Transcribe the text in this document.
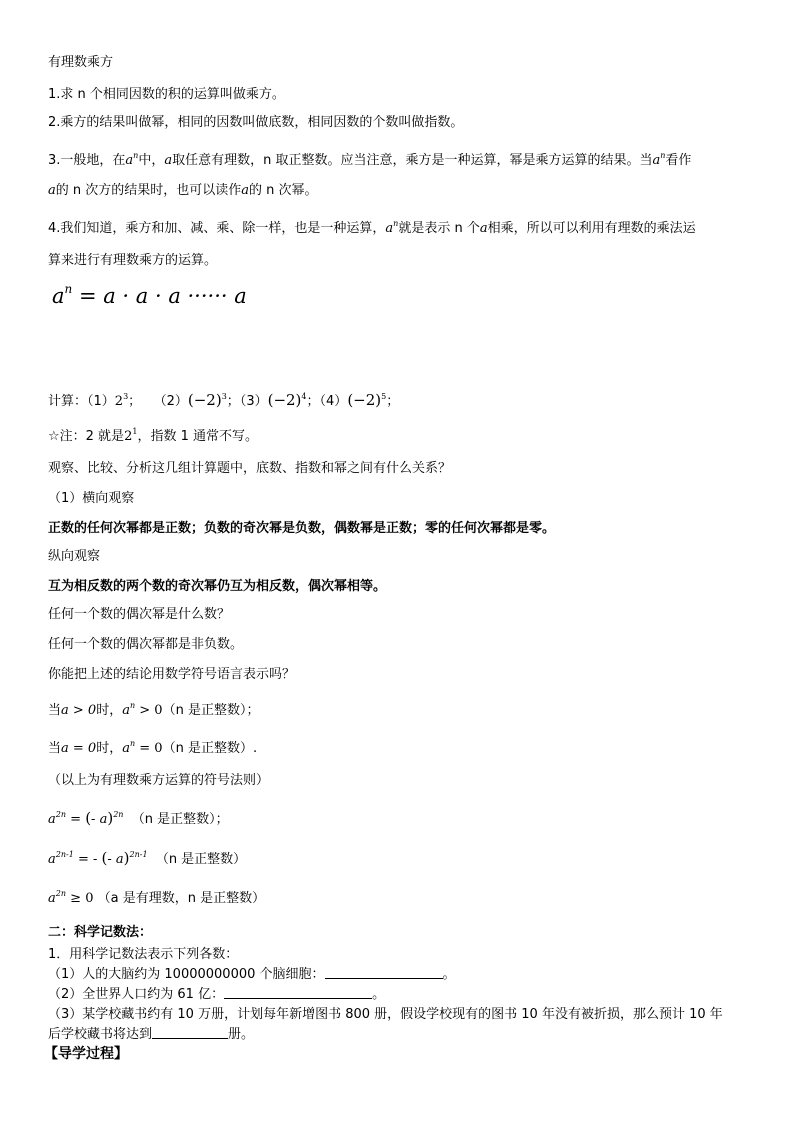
有理数乘方
1.求 n 个相同因数的积的运算叫做乘方。
2.乘方的结果叫做幂，相同的因数叫做底数，相同因数的个数叫做指数。
3.一般地，在$a^n$中，a取任意有理数，n 取正整数。应当注意，乘方是一种运算，幂是乘方运算的结果。当$a^n$看作
a的 n 次方的结果时，也可以读作a的 n 次幂。
4.我们知道，乘方和加、减、乘、除一样，也是一种运算，$a^n$就是表示 n 个a相乘，所以可以利用有理数的乘法运
算来进行有理数乘方的运算。
$a^n = a \cdot a \cdot a$ ······ a
计算：$(1)2^3$； $(2)(-2)^3$；$(3)(-2)^4$；$(4)(-2)^5$；
☆注：2 就是$2^1$，指数 1 通常不写。
观察、比较、分析这几组计算题中，底数、指数和幂之间有什么关系？
（1）横向观察
正数的任何次幂都是正数；负数的奇次幂是负数，偶数幂是正数；零的任何次幂都是零。
纵向观察
互为相反数的两个数的奇次幂仍互为相反数，偶次幂相等。
任何一个数的偶次幂是什么数？
任何一个数的偶次幂都是非负数。
你能把上述的结论用数学符号语言表示吗？
当a > 0时，$a^n > 0(n$ 是正整数）；
当a = 0时，$a^n = 0(n$ 是正整数）.
（以上为有理数乘方运算的符号法则）
$a^{2n}$ = (- a)$^{2n}$ （n 是正整数）；
$a^{2n-1}$ = - (- a)$^{2n-1}$ （n 是正整数）
$a^{2n} \ge 0$ （a 是有理数，n 是正整数）
二：科学记数法：
1．用科学记数法表示下列各数：
（1）人的大脑约为 10000000000 个脑细胞：	。
（2）全世界人口约为 61 亿：	。
（3）某学校藏书约有 10 万册，计划每年新增图书 800 册，假设学校现有的图书 10 年没有被折损，那么预计 10 年
后学校藏书将达到	册。
【导学过程】
